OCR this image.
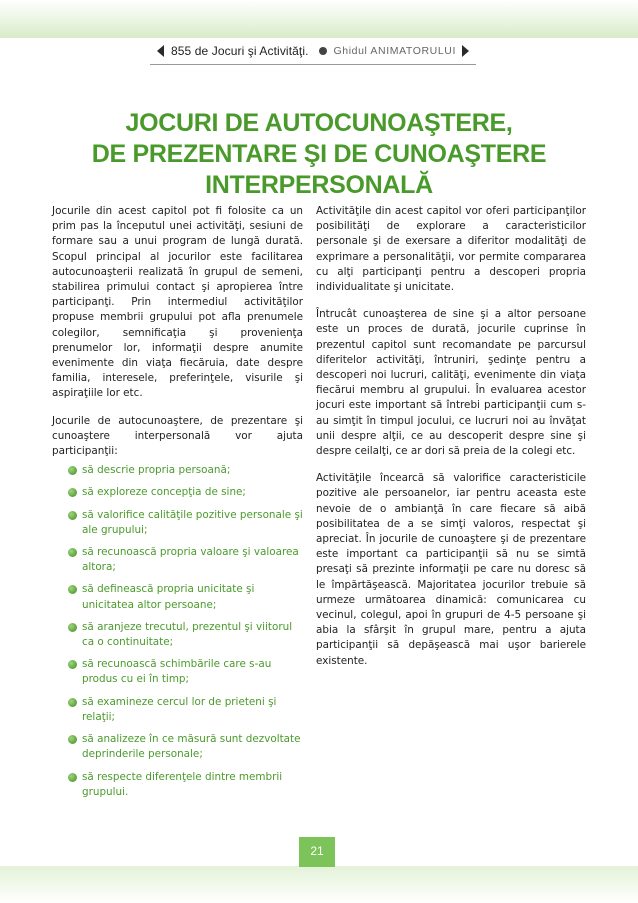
855 de Jocuri şi Activităţi. Ghidul ANIMATORULUI
JOCURI DE AUTOCUNOAŞTERE,
DE PREZENTARE ŞI DE CUNOAŞTERE
INTERPERSONALĂ

Jocurile din acest capitol pot fi folosite ca un prim pas la începutul unei activităţi, sesiuni de formare sau a unui program de lungă durată. Scopul principal al jocurilor este facilitarea autocunoaşterii realizată în grupul de semeni, stabilirea primului contact şi apropierea între participanţi. Prin intermediul activităţilor propuse membrii grupului pot afla prenumele colegilor, semnificaţia şi provenienţa prenumelor lor, informaţii despre anumite evenimente din viaţa fiecăruia, date despre familia, interesele, preferinţele, visurile şi aspiraţiile lor etc.

Jocurile de autocunoaştere, de prezentare şi cunoaştere interpersonală vor ajuta participanţii:

să descrie propria persoană;
să exploreze concepţia de sine;
să valorifice calităţile pozitive personale şi ale grupului;
să recunoască propria valoare şi valoarea altora;
să definească propria unicitate şi unicitatea altor persoane;
să aranjeze trecutul, prezentul şi viitorul ca o continuitate;
să recunoască schimbările care s-au produs cu ei în timp;
să examineze cercul lor de prieteni şi relaţii;
să analizeze în ce măsură sunt dezvoltate deprinderile personale;
să respecte diferenţele dintre membrii grupului.

Activităţile din acest capitol vor oferi participanţilor posibilităţi de explorare a caracteristicilor personale şi de exersare a diferitor modalităţi de exprimare a personalităţii, vor permite compararea cu alţi participanţi pentru a descoperi propria individualitate şi unicitate.

Întrucât cunoaşterea de sine şi a altor persoane este un proces de durată, jocurile cuprinse în prezentul capitol sunt recomandate pe parcursul diferitelor activităţi, întruniri, şedinţe pentru a descoperi noi lucruri, calităţi, evenimente din viaţa fiecărui membru al grupului. În evaluarea acestor jocuri este important să întrebi participanţii cum s-au simţit în timpul jocului, ce lucruri noi au învăţat unii despre alţii, ce au descoperit despre sine şi despre ceilalţi, ce ar dori să preia de la colegi etc.

Activităţile încearcă să valorifice caracteristicile pozitive ale persoanelor, iar pentru aceasta este nevoie de o ambianţă în care fiecare să aibă posibilitatea de a se simţi valoros, respectat şi apreciat. În jocurile de cunoaştere şi de prezentare este important ca participanţii să nu se simtă presaţi să prezinte informaţii pe care nu doresc să le împărtăşească. Majoritatea jocurilor trebuie să urmeze următoarea dinamică: comunicarea cu vecinul, colegul, apoi în grupuri de 4-5 persoane şi abia la sfârşit în grupul mare, pentru a ajuta participanţii să depăşească mai uşor barierele existente.

21
